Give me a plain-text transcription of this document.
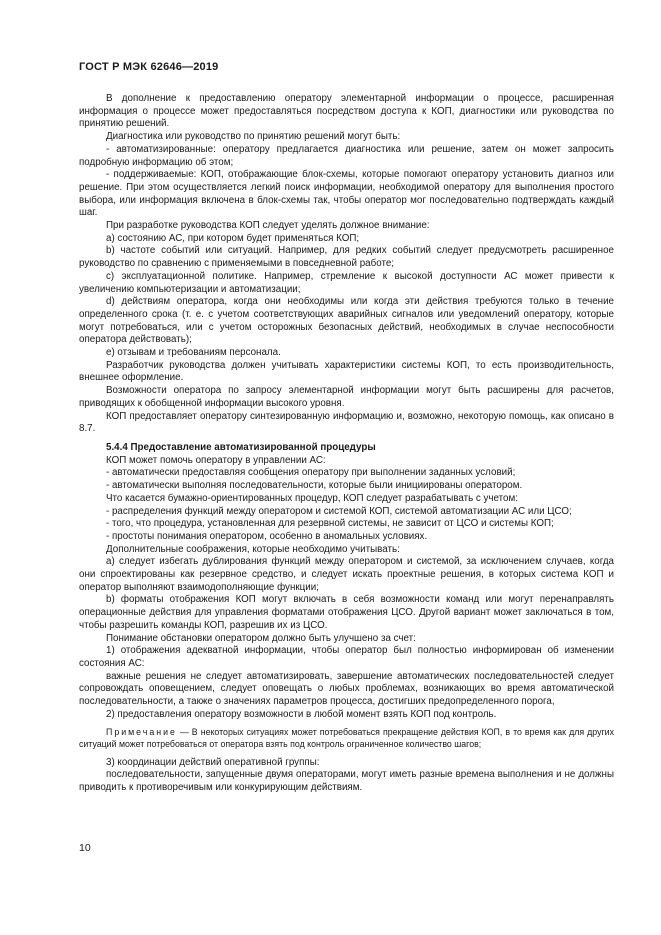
ГОСТ Р МЭК 62646—2019

В дополнение к предоставлению оператору элементарной информации о процессе, расширенная информация о процессе может предоставляться посредством доступа к КОП, диагностики или руководства по принятию решений.

Диагностика или руководство по принятию решений могут быть:

- автоматизированные: оператору предлагается диагностика или решение, затем он может запросить подробную информацию об этом;

- поддерживаемые: КОП, отображающие блок-схемы, которые помогают оператору установить диагноз или решение. При этом осуществляется легкий поиск информации, необходимой оператору для выполнения простого выбора, или информация включена в блок-схемы так, чтобы оператор мог последовательно подтверждать каждый шаг.

При разработке руководства КОП следует уделять должное внимание:

а) состоянию АС, при котором будет применяться КОП;

b) частоте событий или ситуаций. Например, для редких событий следует предусмотреть расширенное руководство по сравнению с применяемыми в повседневной работе;

с) эксплуатационной политике. Например, стремление к высокой доступности АС может привести к увеличению компьютеризации и автоматизации;

d) действиям оператора, когда они необходимы или когда эти действия требуются только в течение определенного срока (т. е. с учетом соответствующих аварийных сигналов или уведомлений оператору, которые могут потребоваться, или с учетом осторожных безопасных действий, необходимых в случае неспособности оператора действовать);

е) отзывам и требованиям персонала.

Разработчик руководства должен учитывать характеристики системы КОП, то есть производительность, внешнее оформление.

Возможности оператора по запросу элементарной информации могут быть расширены для расчетов, приводящих к обобщенной информации высокого уровня.

КОП предоставляет оператору синтезированную информацию и, возможно, некоторую помощь, как описано в 8.7.

5.4.4 Предоставление автоматизированной процедуры

КОП может помочь оператору в управлении АС:

- автоматически предоставляя сообщения оператору при выполнении заданных условий;

- автоматически выполняя последовательности, которые были инициированы оператором.

Что касается бумажно-ориентированных процедур, КОП следует разрабатывать с учетом:

- распределения функций между оператором и системой КОП, системой автоматизации АС или ЦСО;

- того, что процедура, установленная для резервной системы, не зависит от ЦСО и системы КОП;

- простоты понимания оператором, особенно в аномальных условиях.

Дополнительные соображения, которые необходимо учитывать:

а) следует избегать дублирования функций между оператором и системой, за исключением случаев, когда они спроектированы как резервное средство, и следует искать проектные решения, в которых система КОП и оператор выполняют взаимодополняющие функции;

b) форматы отображения КОП могут включать в себя возможности команд или могут перенаправлять операционные действия для управления форматами отображения ЦСО. Другой вариант может заключаться в том, чтобы разрешить команды КОП, разрешив их из ЦСО.

Понимание обстановки оператором должно быть улучшено за счет:

1) отображения адекватной информации, чтобы оператор был полностью информирован об изменении состояния АС:

важные решения не следует автоматизировать, завершение автоматических последовательностей следует сопровождать оповещением, следует оповещать о любых проблемах, возникающих во время автоматической последовательности, а также о значениях параметров процесса, достигших предопределенного порога,

2) предоставления оператору возможности в любой момент взять КОП под контроль.

Примечание — В некоторых ситуациях может потребоваться прекращение действия КОП, в то время как для других ситуаций может потребоваться от оператора взять под контроль ограниченное количество шагов;

3) координации действий оперативной группы:

последовательности, запущенные двумя операторами, могут иметь разные времена выполнения и не должны приводить к противоречивым или конкурирующим действиям.

10
